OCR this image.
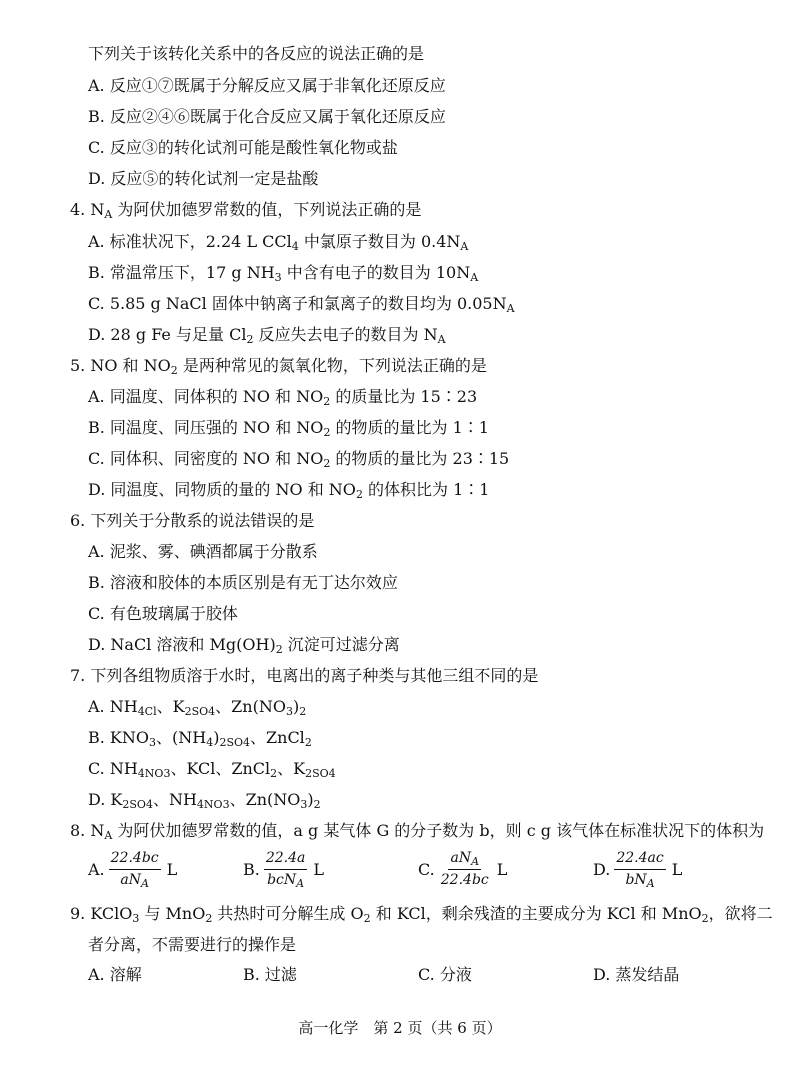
下列关于该转化关系中的各反应的说法正确的是
A. 反应①⑦既属于分解反应又属于非氧化还原反应
B. 反应②④⑥既属于化合反应又属于氧化还原反应
C. 反应③的转化试剂可能是酸性氧化物或盐
D. 反应⑤的转化试剂一定是盐酸
4. $N_A$ 为阿伏加德罗常数的值，下列说法正确的是
A. 标准状况下，2.24 L CCl$_4$ 中氯原子数目为 $0.4N_A$
B. 常温常压下，17 g $NH_3$ 中含有电子的数目为 $10N_A$
C. 5.85 g NaCl 固体中钠离子和氯离子的数目均为 $0.05N_A$
D. 28 g Fe 与足量 $Cl_2$ 反应失去电子的数目为 $N_A$
5. NO 和 $NO_2$ 是两种常见的氮氧化物，下列说法正确的是
A. 同温度、同体积的 NO 和 $NO_2$ 的质量比为 15∶23
B. 同温度、同压强的 NO 和 $NO_2$ 的物质的量比为 1∶1
C. 同体积、同密度的 NO 和 $NO_2$ 的物质的量比为 23∶15
D. 同温度、同物质的量的 NO 和 $NO_2$ 的体积比为 1∶1
6. 下列关于分散系的说法错误的是
A. 泥浆、雾、碘酒都属于分散系
B. 溶液和胶体的本质区别是有无丁达尔效应
C. 有色玻璃属于胶体
D. NaCl 溶液和 $Mg(OH)_2$ 沉淀可过滤分离
7. 下列各组物质溶于水时，电离出的离子种类与其他三组不同的是
A. $NH_{4Cl}$、$K_{2SO4}$、$Zn(NO_3)_2$
B. $KNO_3$、$(NH_4)_{2SO4}$、ZnCl$_2$
C. $NH_{4NO3}$、KCl、ZnCl$_2$、$K_{2SO4}$
D. $K_{2SO4}$、$NH_{4NO3}$、$Zn(NO_3)_2$
8. $N_A$ 为阿伏加德罗常数的值，a g 某气体 G 的分子数为 b，则 c g 该气体在标准状况下的体积为
A. $\frac{22.4bc}{aN_A}$ L	B. $\frac{22.4a}{bcN_A}$ L	C. $\frac{aN_A}{22.4bc}$ L	D. $\frac{22.4ac}{bN_A}$ L
9. KClO$_3$ 与 MnO$_2$ 共热时可分解生成 $O_2$ 和 KCl，剩余残渣的主要成分为 KCl 和 MnO$_2$，欲将二
者分离，不需要进行的操作是
A. 溶解	B. 过滤	C. 分液	D. 蒸发结晶
高一化学　第 2 页（共 6 页）
